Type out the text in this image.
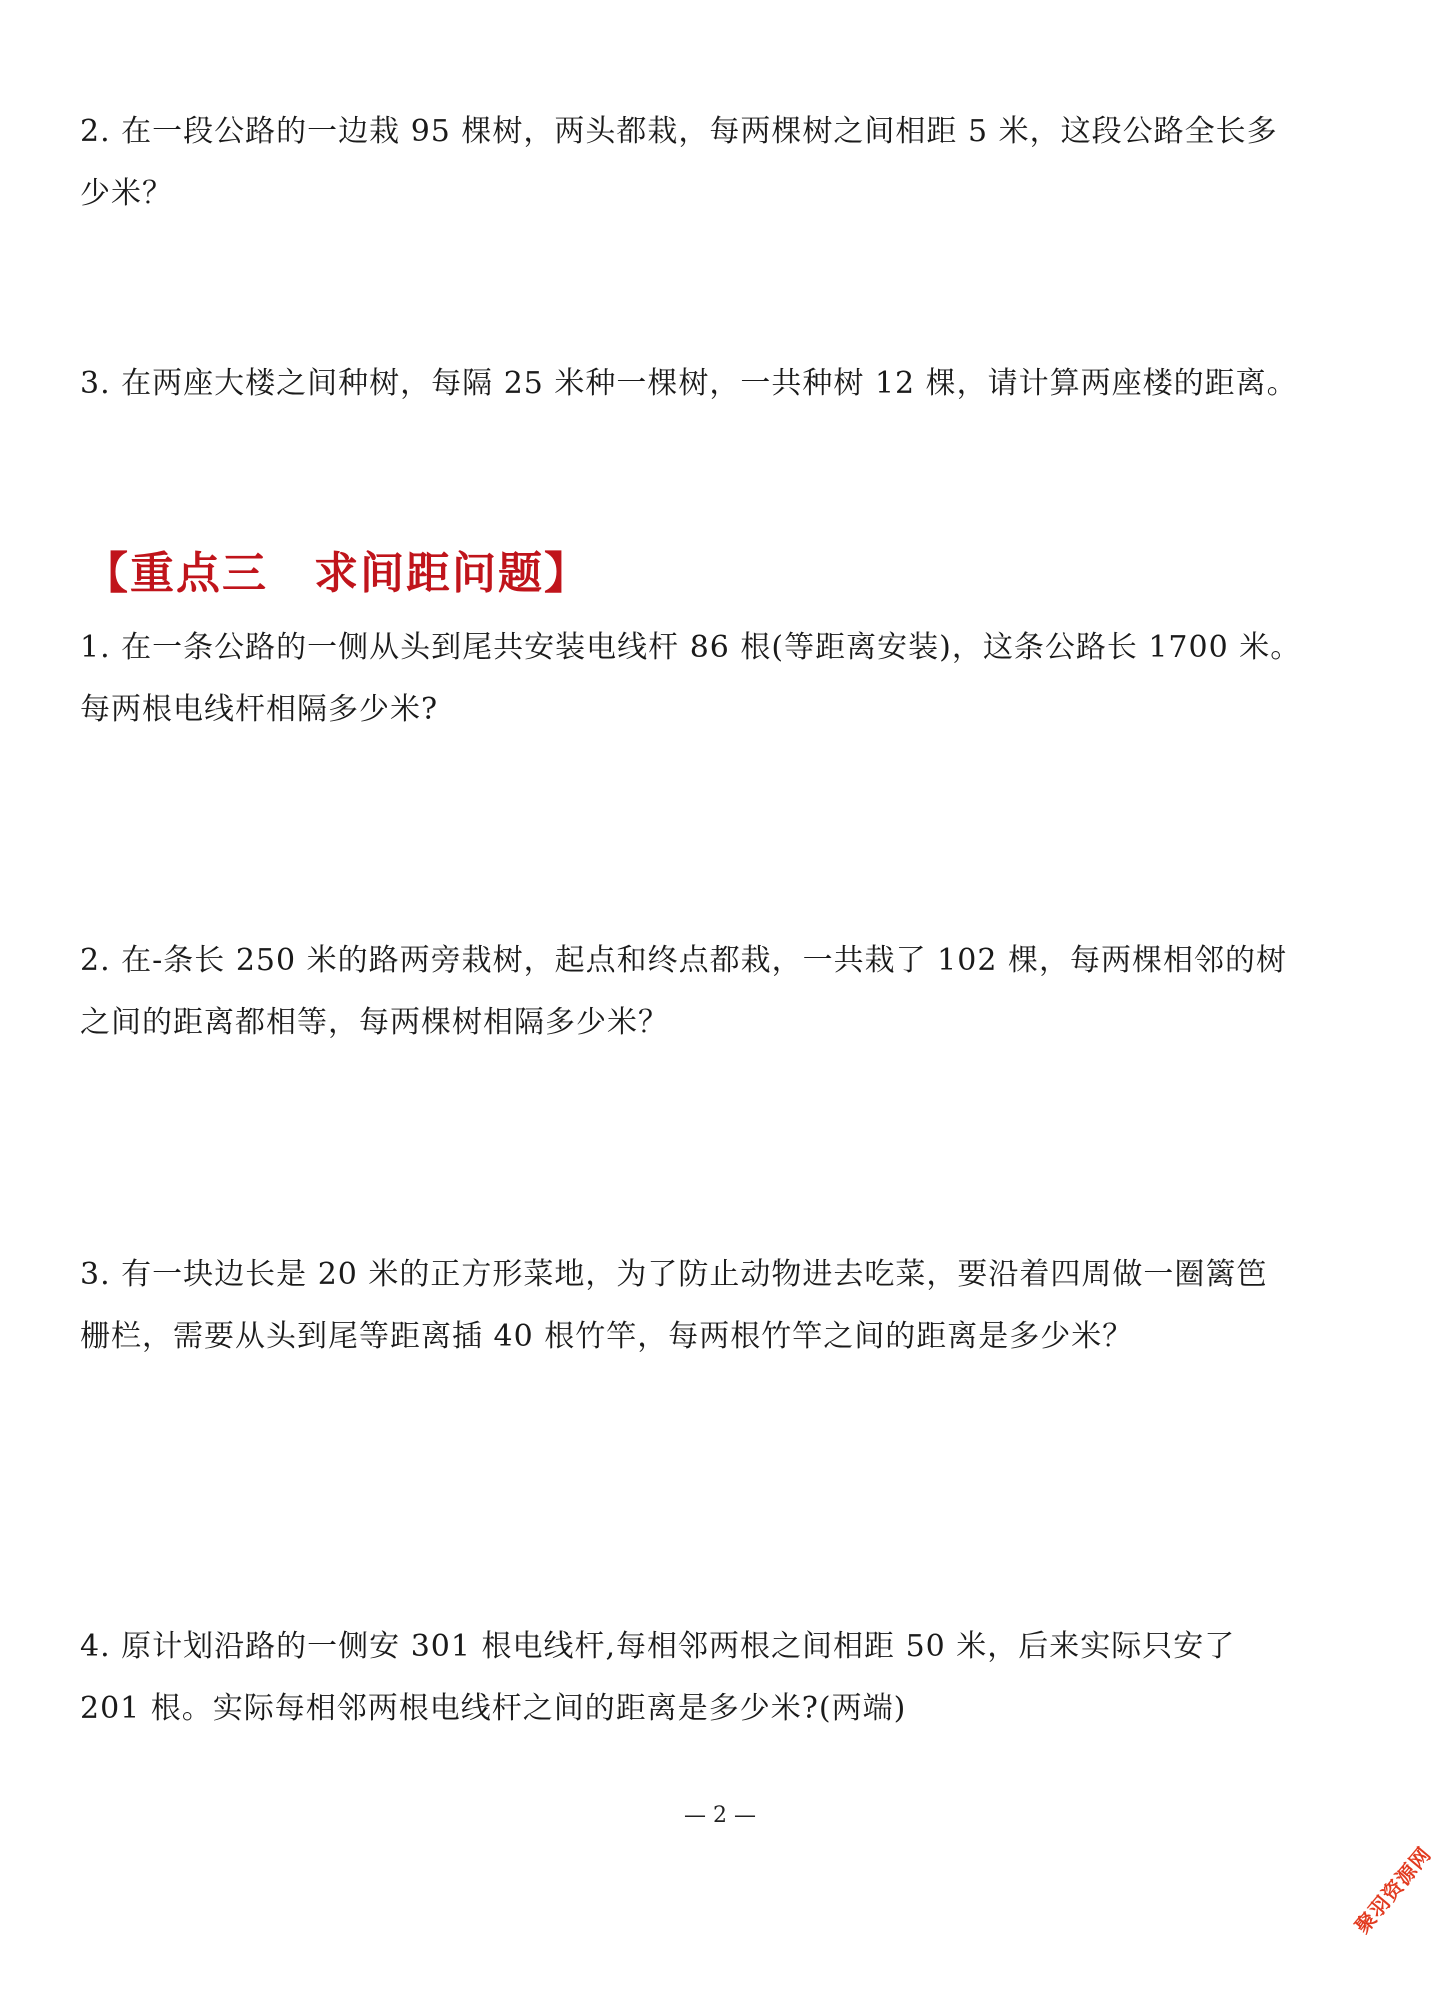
2. 在一段公路的一边栽 95 棵树，两头都栽，每两棵树之间相距 5 米，这段公路全长多
少米？
3. 在两座大楼之间种树，每隔 25 米种一棵树，一共种树 12 棵，请计算两座楼的距离。
【重点三　求间距问题】
1. 在一条公路的一侧从头到尾共安装电线杆 86 根(等距离安装)，这条公路长 1700 米。
每两根电线杆相隔多少米?
2. 在-条长 250 米的路两旁栽树，起点和终点都栽，一共栽了 102 棵，每两棵相邻的树
之间的距离都相等，每两棵树相隔多少米？
3. 有一块边长是 20 米的正方形菜地，为了防止动物进去吃菜，要沿着四周做一圈篱笆
栅栏，需要从头到尾等距离插 40 根竹竿，每两根竹竿之间的距离是多少米？
4. 原计划沿路的一侧安 301 根电线杆,每相邻两根之间相距 50 米，后来实际只安了
201 根。实际每相邻两根电线杆之间的距离是多少米?(两端)
— 2 —
聚羽资源网
